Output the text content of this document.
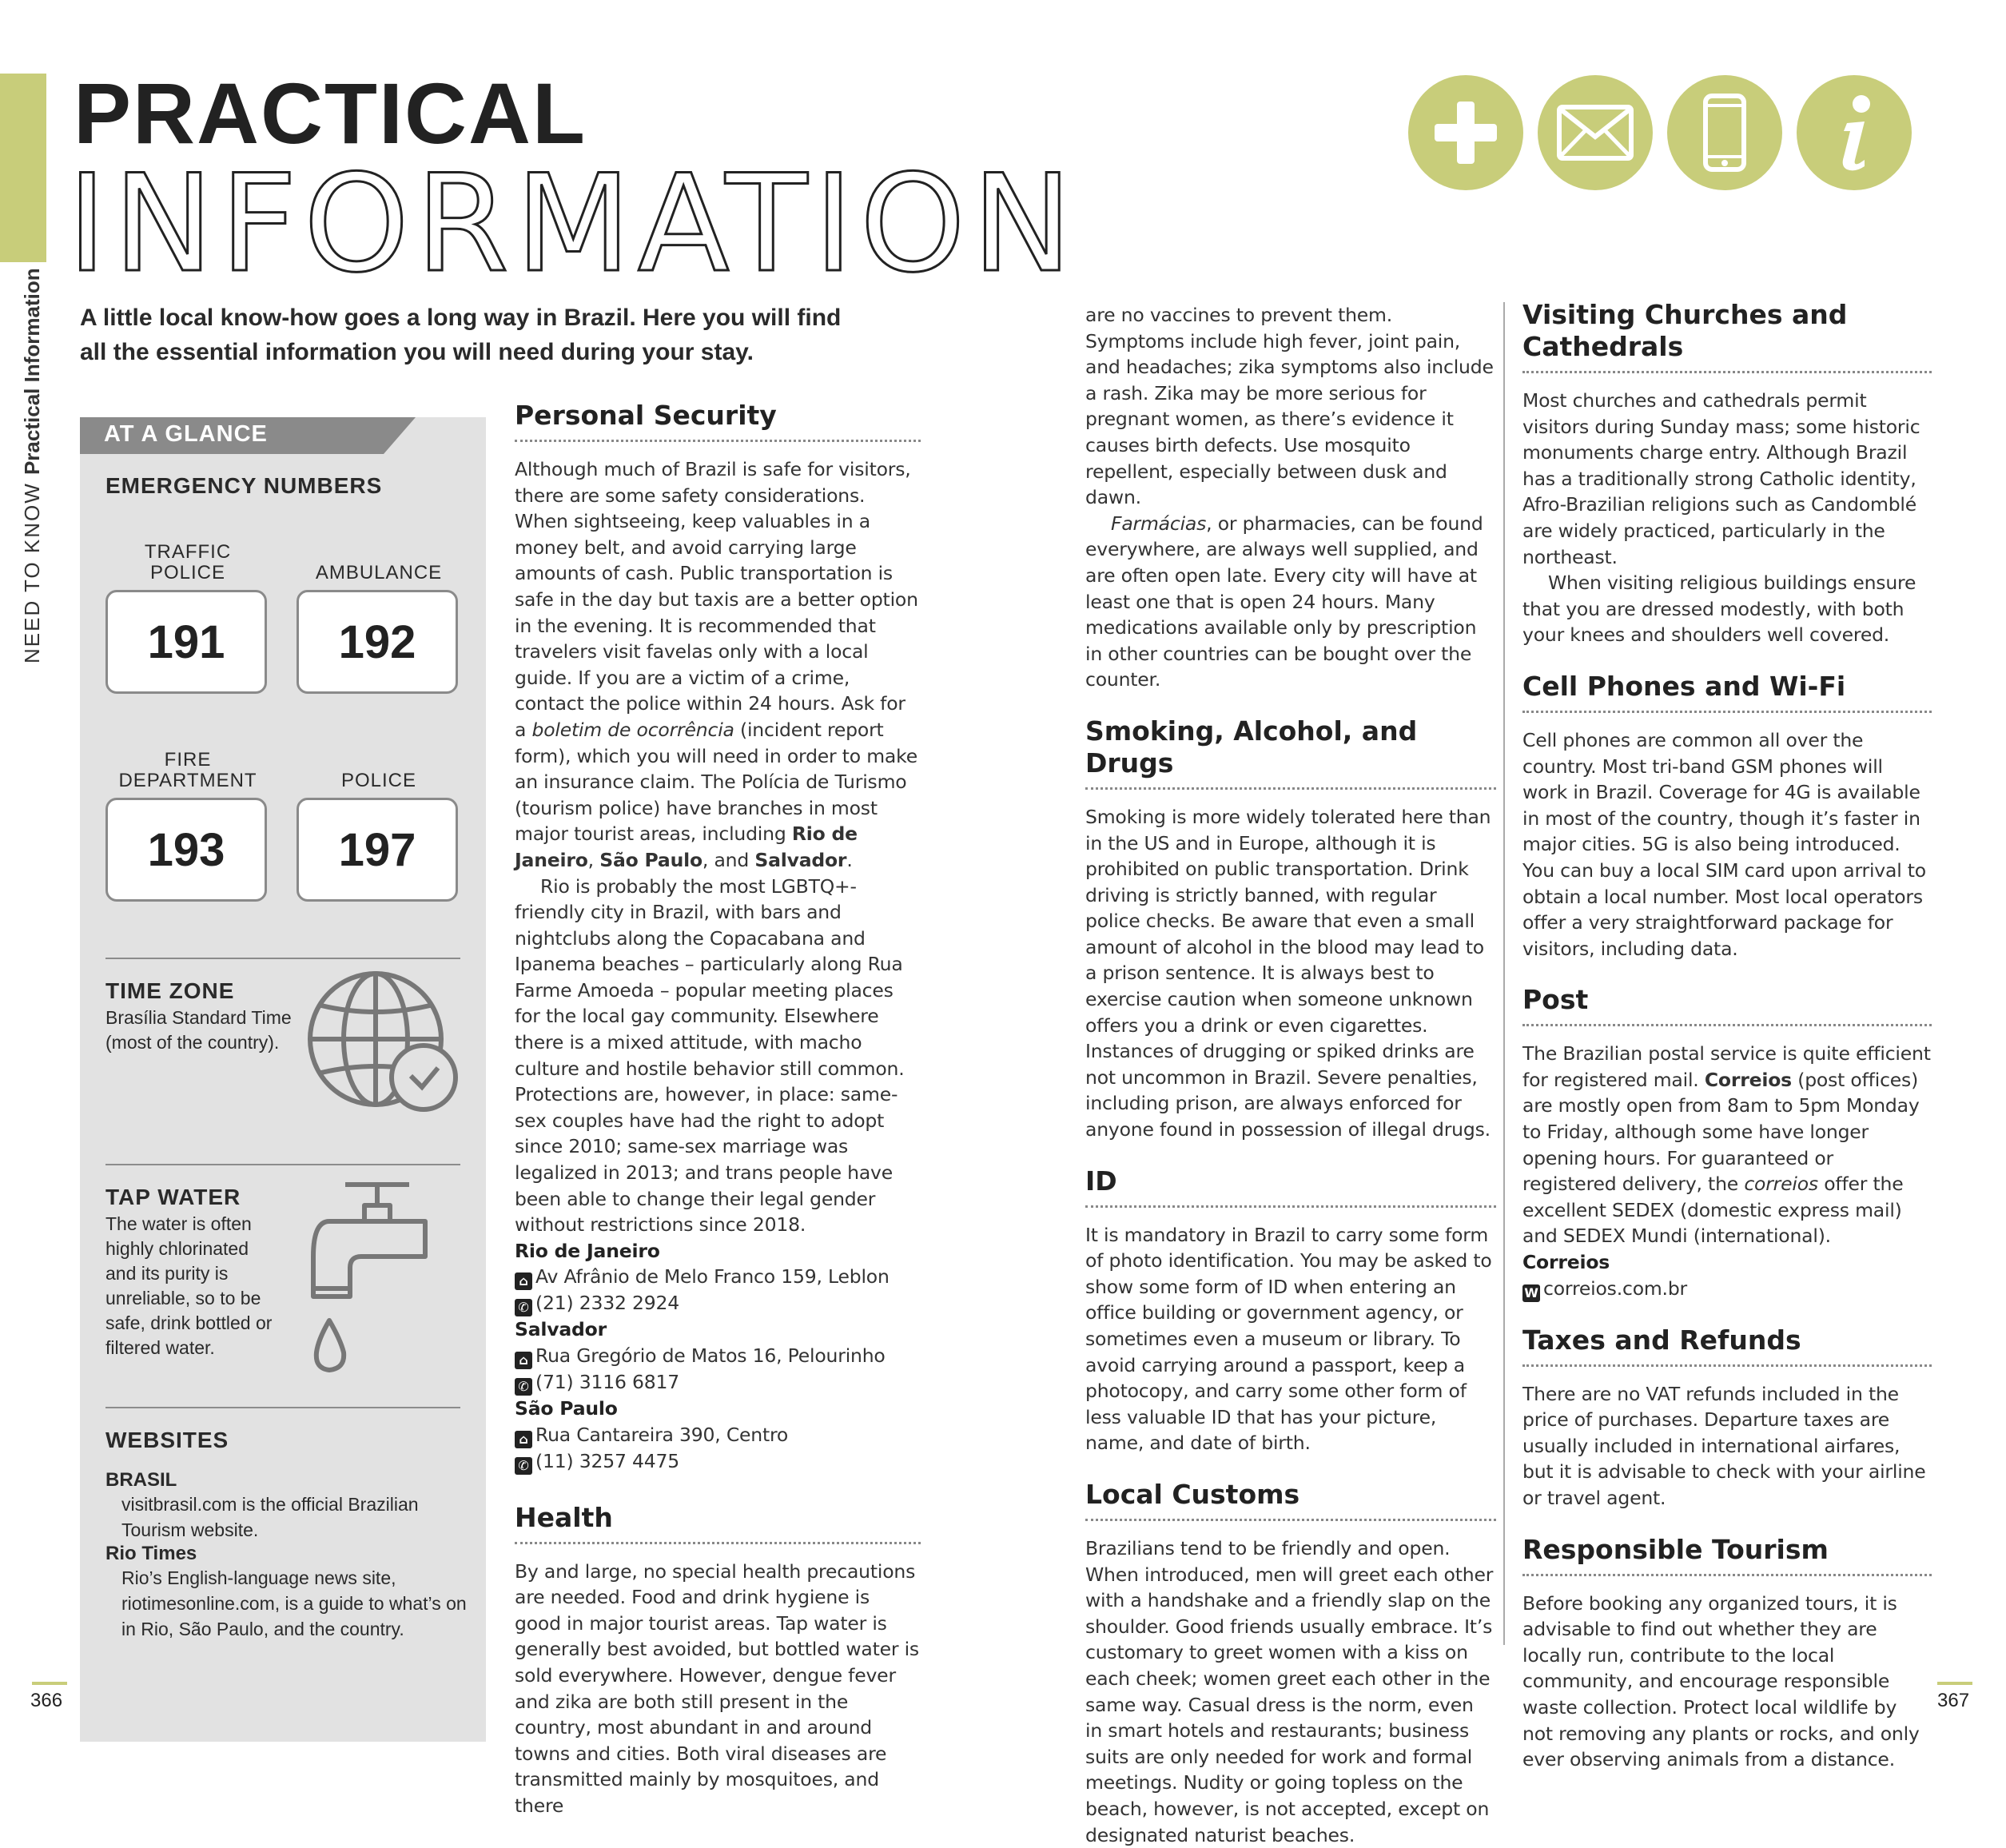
NEED TO KNOW Practical Information
PRACTICAL
INFORMATION
A little local know-how goes a long way in Brazil. Here you will find all the essential information you will need during your stay.
AT A GLANCE
EMERGENCY NUMBERS
TRAFFIC POLICE
191
AMBULANCE
192
FIRE DEPARTMENT
193
POLICE
197
TIME ZONE
Brasília Standard Time (most of the country).
TAP WATER
The water is often highly chlorinated and its purity is unreliable, so to be safe, drink bottled or filtered water.
WEBSITES
BRASIL
visitbrasil.com is the official Brazilian Tourism website.
Rio Times
Rio’s English-language news site, riotimesonline.com, is a guide to what’s on in Rio, São Paulo, and the country.
Personal Security

Although much of Brazil is safe for visitors, there are some safety considerations. When sightseeing, keep valuables in a money belt, and avoid carrying large amounts of cash. Public transportation is safe in the day but taxis are a better option in the evening. It is recommended that travelers visit favelas only with a local guide. If you are a victim of a crime, contact the police within 24 hours. Ask for a boletim de ocorrência (incident report form), which you will need in order to make an insurance claim. The Polícia de Turismo (tourism police) have branches in most major tourist areas, including Rio de Janeiro, São Paulo, and Salvador.

Rio is probably the most LGBTQ+-friendly city in Brazil, with bars and nightclubs along the Copacabana and Ipanema beaches – particularly along Rua Farme Amoeda – popular meeting places for the local gay community. Elsewhere there is a mixed attitude, with macho culture and hostile behavior still common. Protections are, however, in place: same-sex couples have had the right to adopt since 2010; same-sex marriage was legalized in 2013; and trans people have been able to change their legal gender without restrictions since 2018.

Rio de Janeiro
⌂ Av Afrânio de Melo Franco 159, Leblon
✆ (21) 2332 2924
Salvador
⌂ Rua Gregório de Matos 16, Pelourinho
✆ (71) 3116 6817
São Paulo
⌂ Rua Cantareira 390, Centro
✆ (11) 3257 4475
Health

By and large, no special health precautions are needed. Food and drink hygiene is good in major tourist areas. Tap water is generally best avoided, but bottled water is sold everywhere. However, dengue fever and zika are both still present in the country, most abundant in and around towns and cities. Both viral diseases are transmitted mainly by mosquitoes, and there

are no vaccines to prevent them. Symptoms include high fever, joint pain, and headaches; zika symptoms also include a rash. Zika may be more serious for pregnant women, as there’s evidence it causes birth defects. Use mosquito repellent, especially between dusk and dawn.

Farmácias, or pharmacies, can be found everywhere, are always well supplied, and are often open late. Every city will have at least one that is open 24 hours. Many medications available only by prescription in other countries can be bought over the counter.

Smoking, Alcohol, and Drugs

Smoking is more widely tolerated here than in the US and in Europe, although it is prohibited on public transportation. Drink driving is strictly banned, with regular police checks. Be aware that even a small amount of alcohol in the blood may lead to a prison sentence. It is always best to exercise caution when someone unknown offers you a drink or even cigarettes. Instances of drugging or spiked drinks are not uncommon in Brazil. Severe penalties, including prison, are always enforced for anyone found in possession of illegal drugs.

ID

It is mandatory in Brazil to carry some form of photo identification. You may be asked to show some form of ID when entering an office building or government agency, or sometimes even a museum or library. To avoid carrying around a passport, keep a photocopy, and carry some other form of less valuable ID that has your picture, name, and date of birth.

Local Customs

Brazilians tend to be friendly and open. When introduced, men will greet each other with a handshake and a friendly slap on the shoulder. Good friends usually embrace. It’s customary to greet women with a kiss on each cheek; women greet each other in the same way. Casual dress is the norm, even in smart hotels and restaurants; business suits are only needed for work and formal meetings. Nudity or going topless on the beach, however, is not accepted, except on designated naturist beaches.

Visiting Churches and Cathedrals

Most churches and cathedrals permit visitors during Sunday mass; some historic monuments charge entry. Although Brazil has a traditionally strong Catholic identity, Afro-Brazilian religions such as Candomblé are widely practiced, particularly in the northeast.

When visiting religious buildings ensure that you are dressed modestly, with both your knees and shoulders well covered.

Cell Phones and Wi-Fi

Cell phones are common all over the country. Most tri-band GSM phones will work in Brazil. Coverage for 4G is available in most of the country, though it’s faster in major cities. 5G is also being introduced. You can buy a local SIM card upon arrival to obtain a local number. Most local operators offer a very straightforward package for visitors, including data.

Post

The Brazilian postal service is quite efficient for registered mail. Correios (post offices) are mostly open from 8am to 5pm Monday to Friday, although some have longer opening hours. For guaranteed or registered delivery, the correios offer the excellent SEDEX (domestic express mail) and SEDEX Mundi (international).

Correios
W correios.com.br
Taxes and Refunds

There are no VAT refunds included in the price of purchases. Departure taxes are usually included in international airfares, but it is advisable to check with your airline or travel agent.

Responsible Tourism

Before booking any organized tours, it is advisable to find out whether they are locally run, contribute to the local community, and encourage responsible waste collection. Protect local wildlife by not removing any plants or rocks, and only ever observing animals from a distance.

366	367
